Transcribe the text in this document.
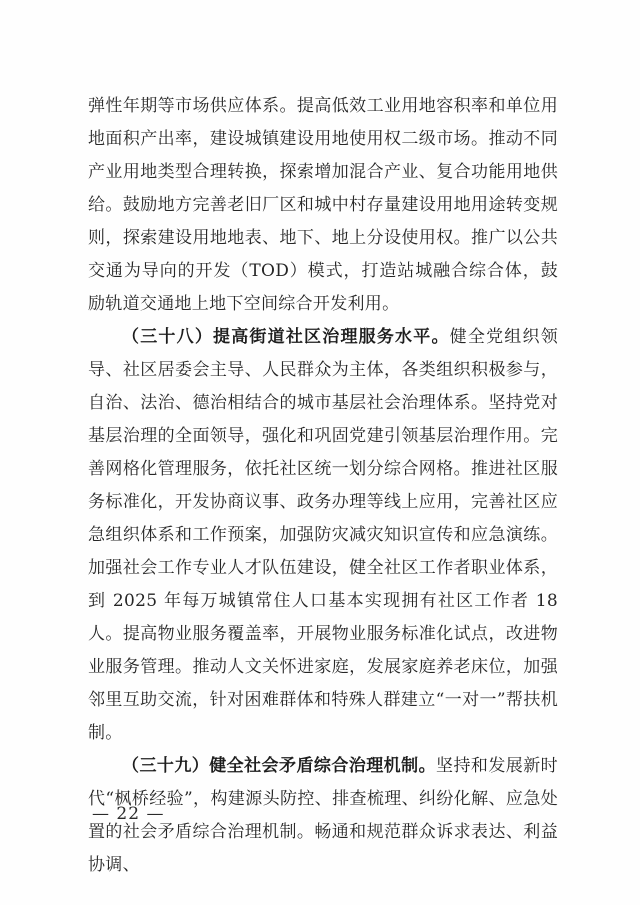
弹性年期等市场供应体系。提高低效工业用地容积率和单位用地面积产出率，建设城镇建设用地使用权二级市场。推动不同产业用地类型合理转换，探索增加混合产业、复合功能用地供给。鼓励地方完善老旧厂区和城中村存量建设用地用途转变规则，探索建设用地地表、地下、地上分设使用权。推广以公共交通为导向的开发（TOD）模式，打造站城融合综合体，鼓励轨道交通地上地下空间综合开发利用。

（三十八）提高街道社区治理服务水平。健全党组织领导、社区居委会主导、人民群众为主体，各类组织积极参与，自治、法治、德治相结合的城市基层社会治理体系。坚持党对基层治理的全面领导，强化和巩固党建引领基层治理作用。完善网格化管理服务，依托社区统一划分综合网格。推进社区服务标准化，开发协商议事、政务办理等线上应用，完善社区应急组织体系和工作预案，加强防灾减灾知识宣传和应急演练。加强社会工作专业人才队伍建设，健全社区工作者职业体系，到 2025 年每万城镇常住人口基本实现拥有社区工作者 18 人。提高物业服务覆盖率，开展物业服务标准化试点，改进物业服务管理。推动人文关怀进家庭，发展家庭养老床位，加强邻里互助交流，针对困难群体和特殊人群建立“一对一”帮扶机制。

（三十九）健全社会矛盾综合治理机制。坚持和发展新时代“枫桥经验”，构建源头防控、排查梳理、纠纷化解、应急处置的社会矛盾综合治理机制。畅通和规范群众诉求表达、利益协调、

— 22 —
